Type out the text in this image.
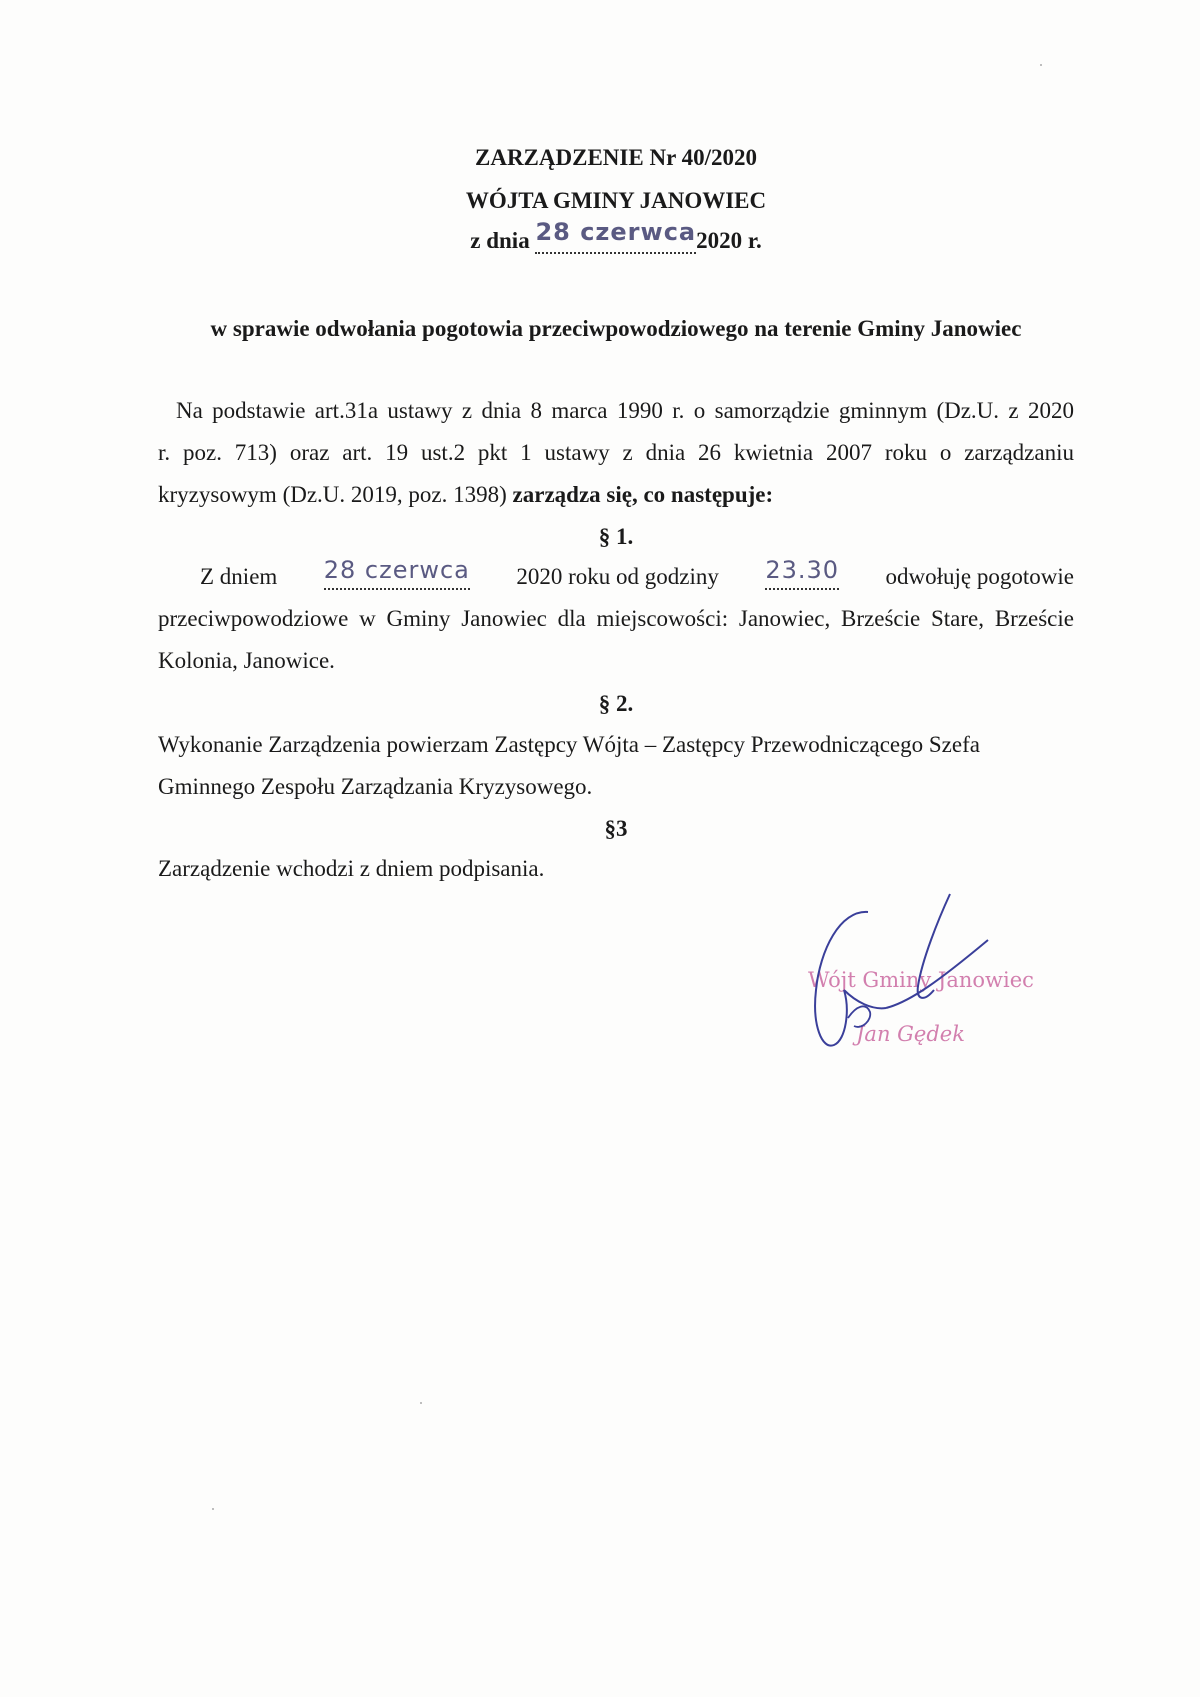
ZARZĄDZENIE Nr 40/2020
WÓJTA GMINY JANOWIEC
z dnia 28 czerwca2020 r.
w sprawie odwołania pogotowia przeciwpowodziowego na terenie Gminy Janowiec
Na podstawie art.31a ustawy z dnia 8 marca 1990 r. o samorządzie gminnym (Dz.U. z 2020
r. poz. 713) oraz art. 19 ust.2 pkt 1 ustawy z dnia 26 kwietnia 2007 roku o zarządzaniu
kryzysowym (Dz.U. 2019, poz. 1398) zarządza się, co następuje:
§ 1.
Z dniem 28 czerwca 2020 roku od godziny 23.30 odwołuję pogotowie
przeciwpowodziowe w Gminy Janowiec dla miejscowości: Janowiec, Brzeście Stare, Brzeście
Kolonia, Janowice.
§ 2.
Wykonanie Zarządzenia powierzam Zastępcy Wójta – Zastępcy Przewodniczącego Szefa
Gminnego Zespołu Zarządzania Kryzysowego.
§3
Zarządzenie wchodzi z dniem podpisania.
Wójt Gminy Janowiec
Jan Gędek
